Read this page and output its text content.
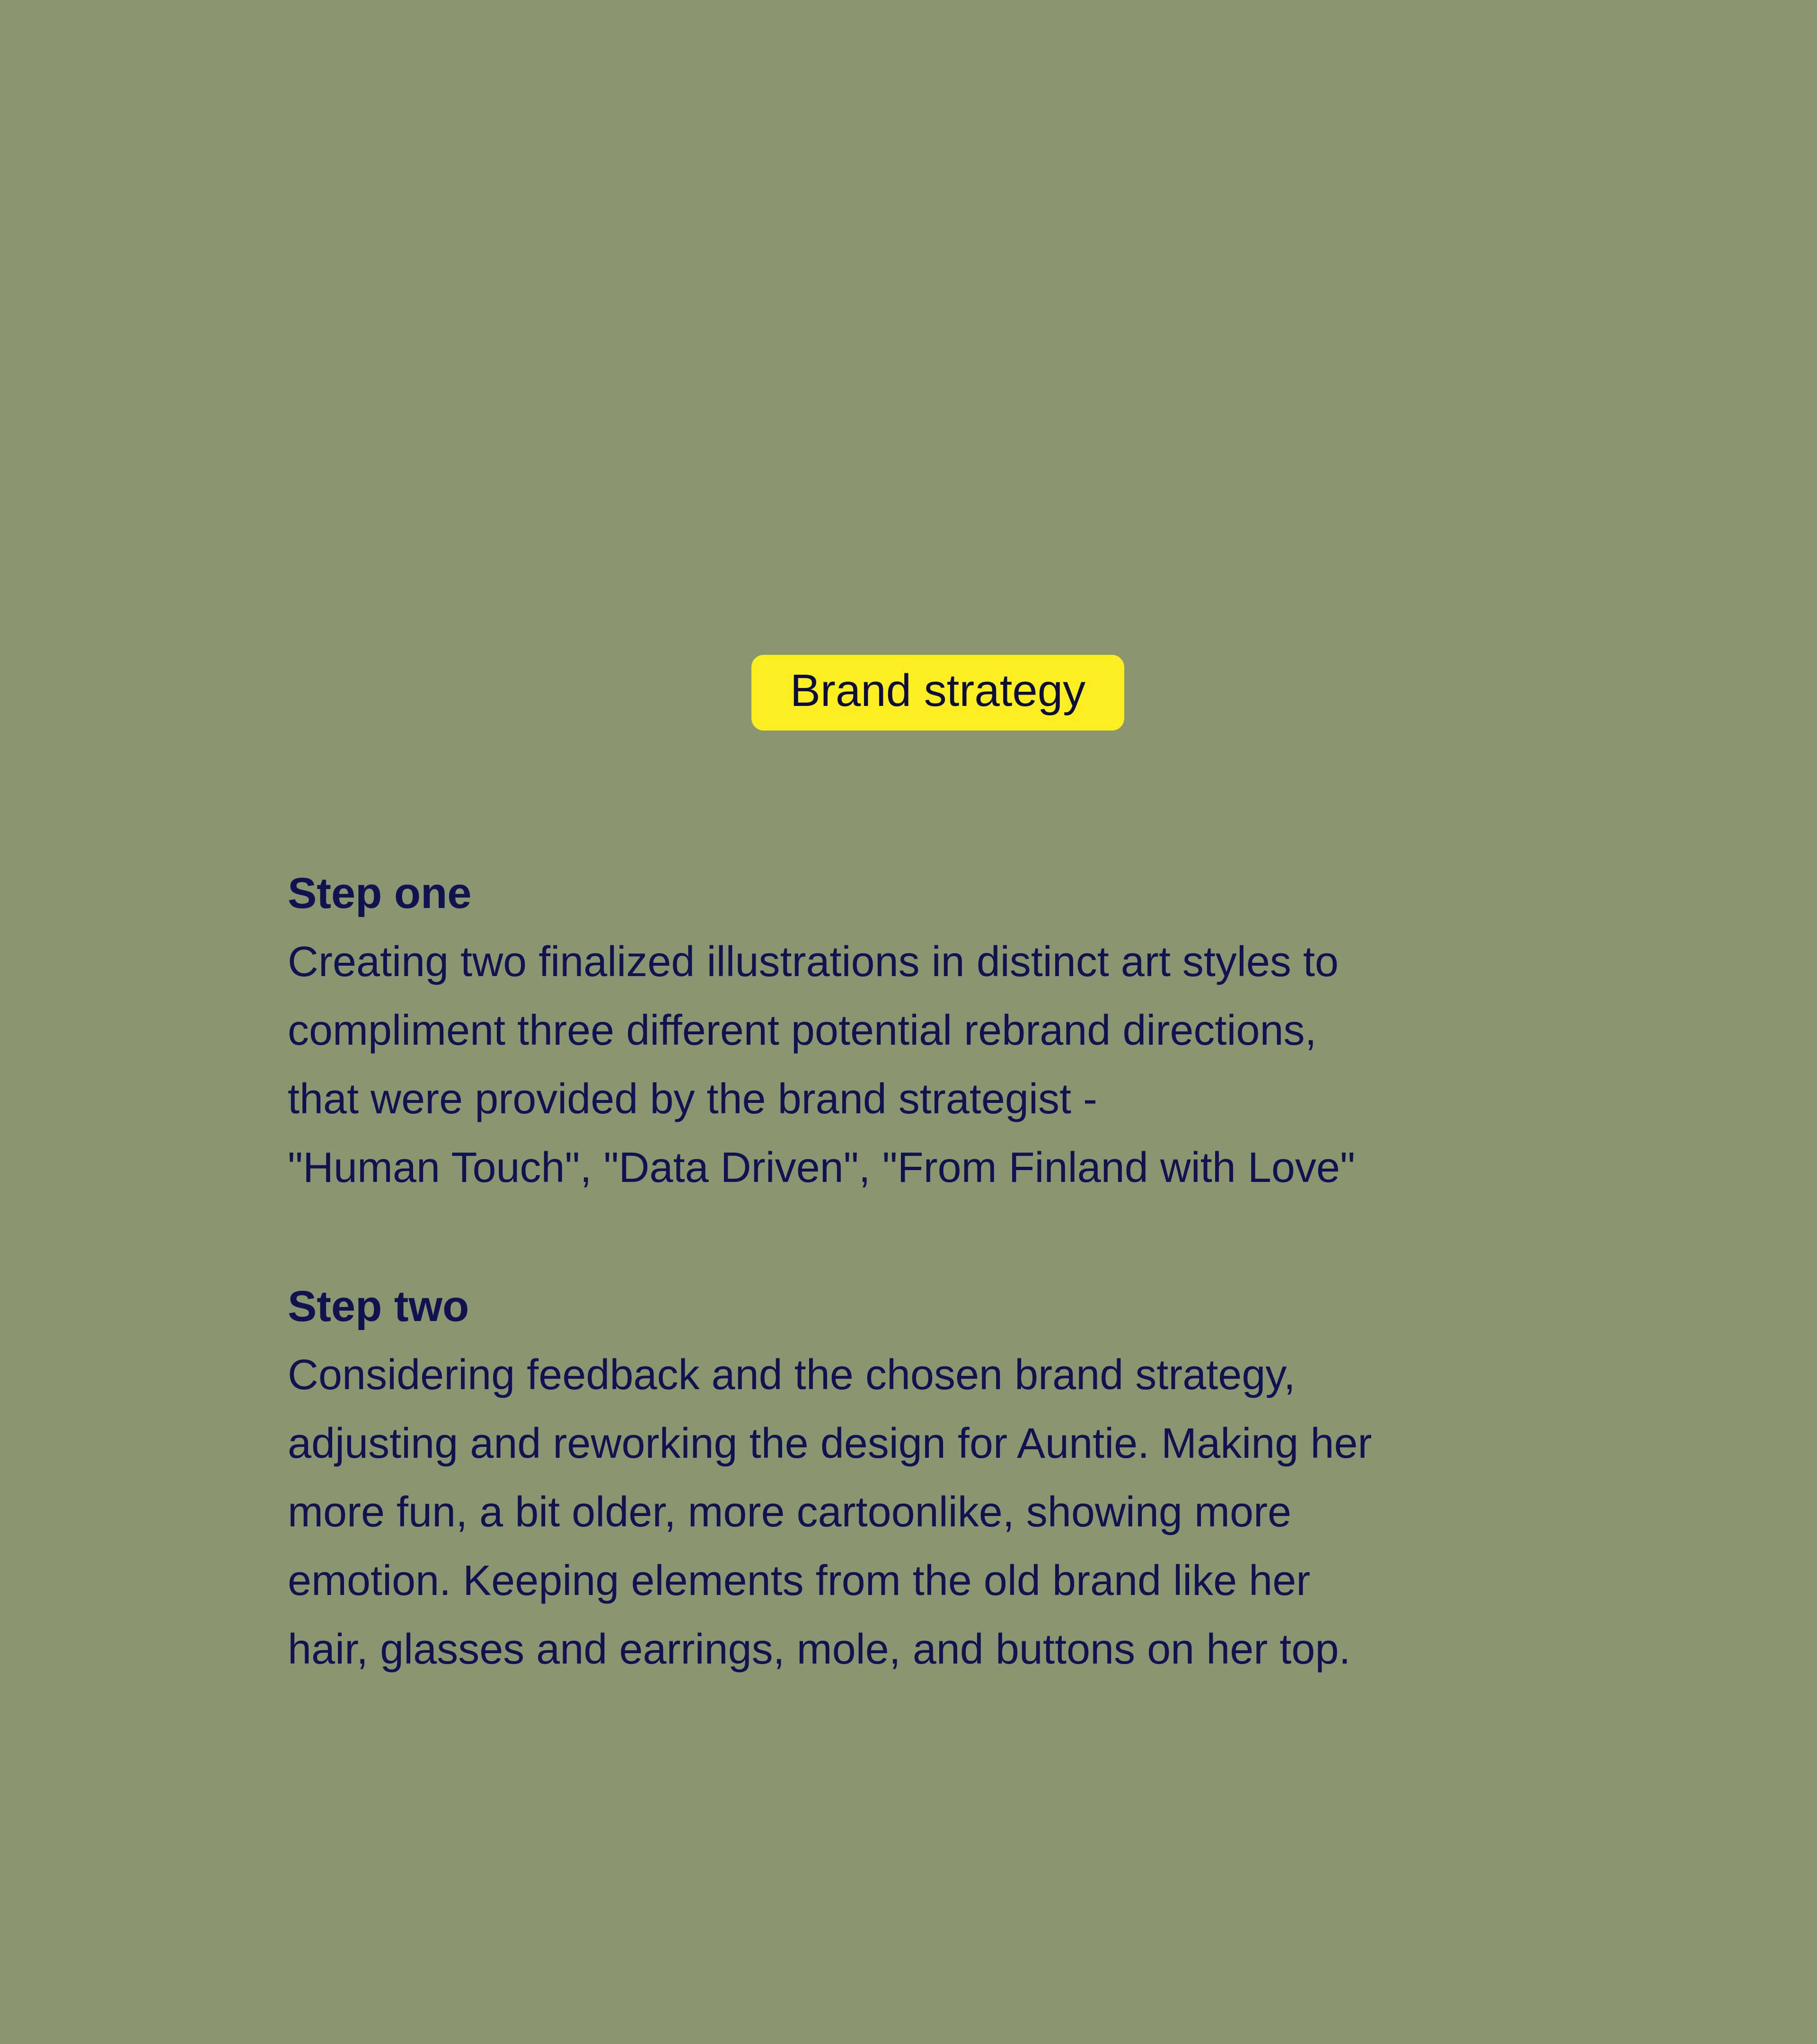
Brand strategy

Step one

Creating two finalized illustrations in distinct art styles to
compliment three different potential rebrand directions,
that were provided by the brand strategist -
"Human Touch", "Data Driven", "From Finland with Love"

Step two

Considering feedback and the chosen brand strategy,
adjusting and reworking the design for Auntie. Making her
more fun, a bit older, more cartoonlike, showing more
emotion. Keeping elements from the old brand like her
hair, glasses and earrings, mole, and buttons on her top.
